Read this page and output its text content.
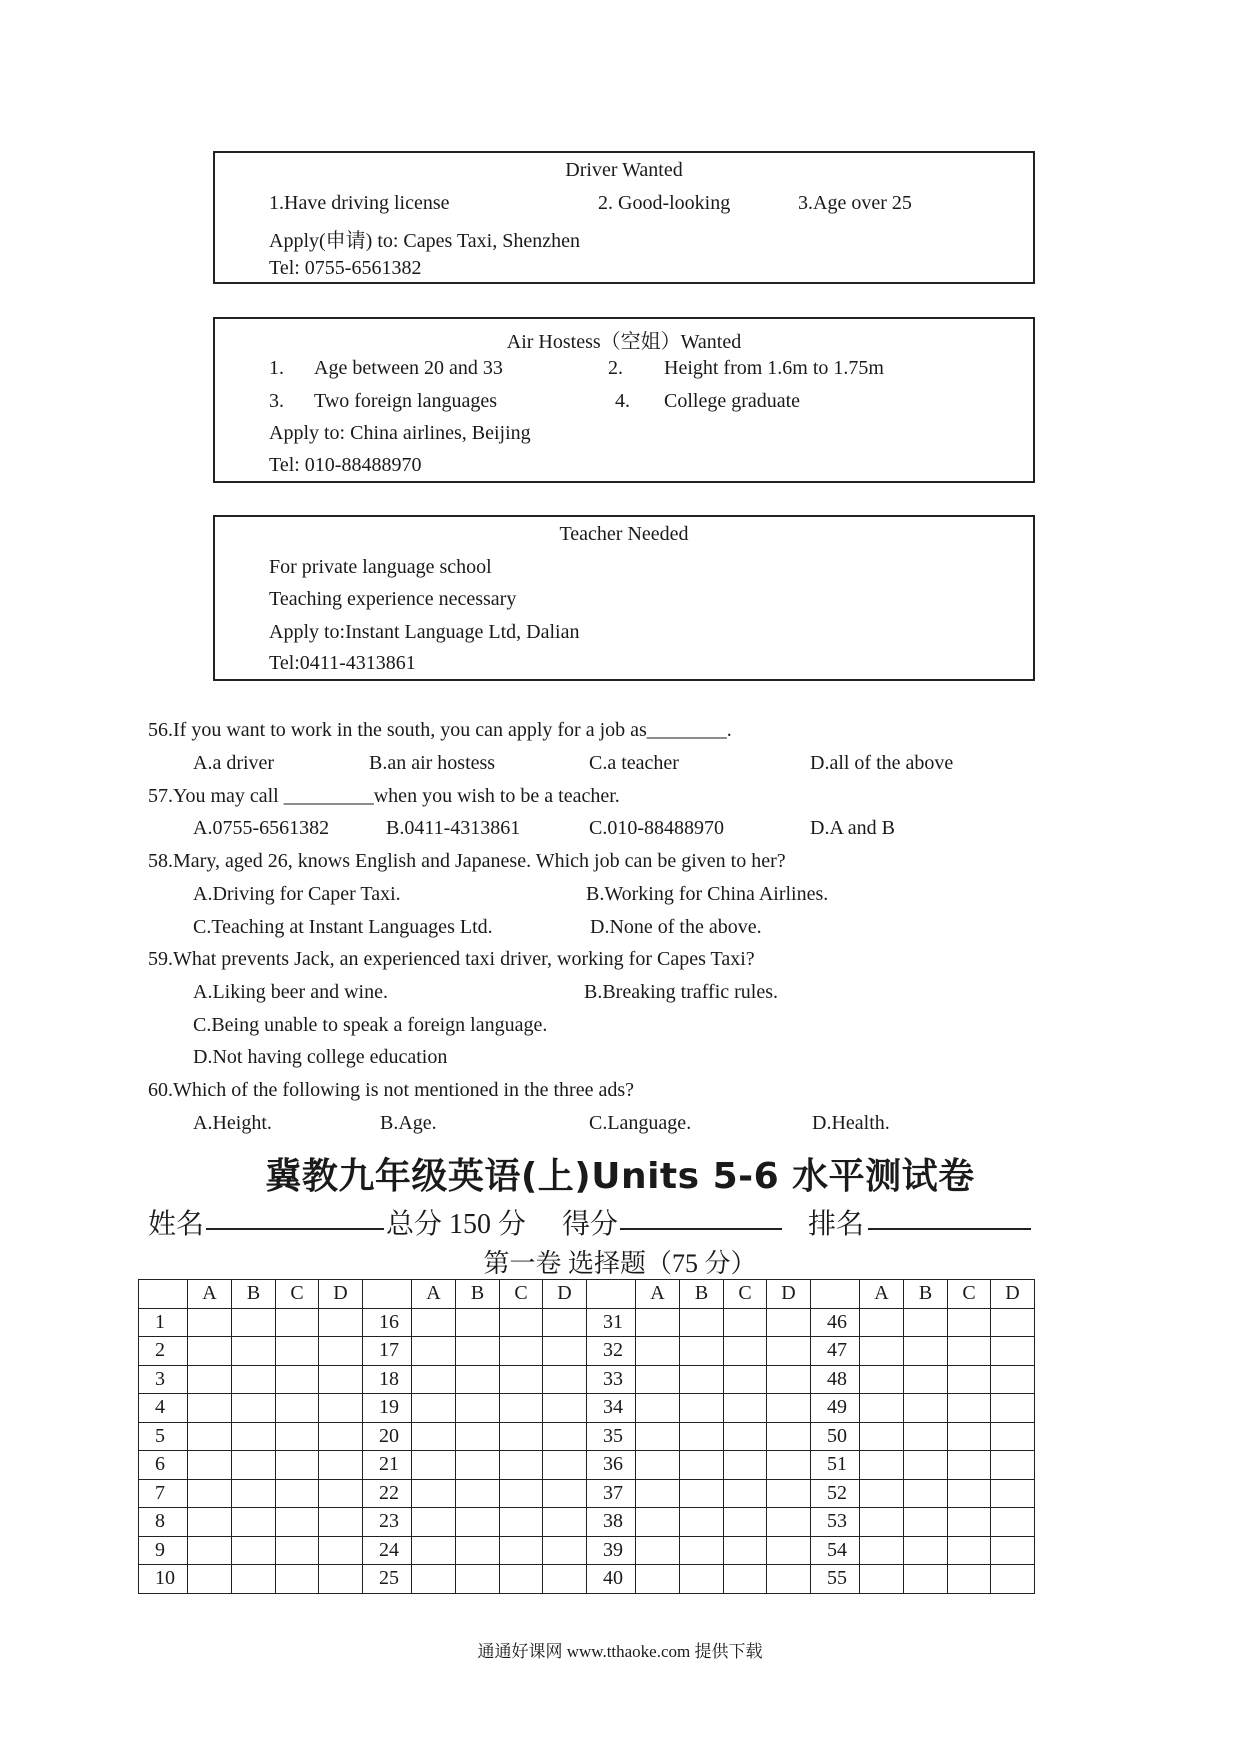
Driver Wanted
1.Have driving license	2. Good-looking	3.Age over 25
Apply(申请) to: Capes Taxi, Shenzhen
Tel: 0755-6561382
Air Hostess（空姐）Wanted
1. Age between 20 and 33	2. Height from 1.6m to 1.75m
3. Two foreign languages	4. College graduate
Apply to: China airlines, Beijing
Tel: 010-88488970
Teacher Needed
For private language school
Teaching experience necessary
Apply to:Instant Language Ltd, Dalian
Tel:0411-4313861
56.If you want to work in the south, you can apply for a job as________.
A.a driver	B.an air hostess	C.a teacher	D.all of the above
57.You may call _________when you wish to be a teacher.
A.0755-6561382	B.0411-4313861	C.010-88488970	D.A and B
58.Mary, aged 26, knows English and Japanese. Which job can be given to her?
A.Driving for Caper Taxi.	B.Working for China Airlines.
C.Teaching at Instant Languages Ltd.	D.None of the above.
59.What prevents Jack, an experienced taxi driver, working for Capes Taxi?
A.Liking beer and wine.	B.Breaking traffic rules.
C.Being unable to speak a foreign language.
D.Not having college education
60.Which of the following is not mentioned in the three ads?
A.Height.	B.Age.	C.Language.	D.Health.
冀教九年级英语(上)Units 5-6 水平测试卷
姓名	总分 150 分 得分	排名
第一卷 选择题（75 分）
	A	B	C	D		A	B	C	D		A	B	C	D		A	B	C	D
1					16					31					46				
2					17					32					47				
3					18					33					48				
4					19					34					49				
5					20					35					50				
6					21					36					51				
7					22					37					52				
8					23					38					53				
9					24					39					54				
10					25					40					55				
通通好课网 www.tthaoke.com 提供下载
